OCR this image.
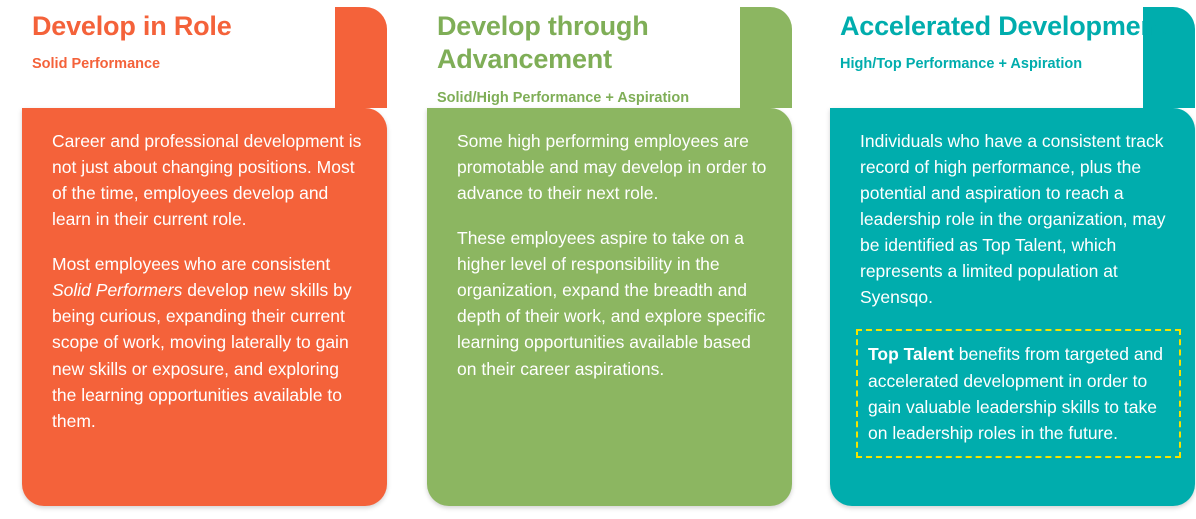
Develop in Role

Solid Performance

Career and professional development is not just about changing positions. Most of the time, employees develop and learn in their current role.

Most employees who are consistent Solid Performers develop new skills by being curious, expanding their current scope of work, moving laterally to gain new skills or exposure, and exploring the learning opportunities available to them.

Develop through Advancement

Solid/High Performance + Aspiration

Some high performing employees are promotable and may develop in order to advance to their next role.

These employees aspire to take on a higher level of responsibility in the organization, expand the breadth and depth of their work, and explore specific learning opportunities available based on their career aspirations.

Accelerated Development

High/Top Performance + Aspiration

Individuals who have a consistent track record of high performance, plus the potential and aspiration to reach a leadership role in the organization, may be identified as Top Talent, which represents a limited population at Syensqo.

Top Talent benefits from targeted and accelerated development in order to gain valuable leadership skills to take on leadership roles in the future.
